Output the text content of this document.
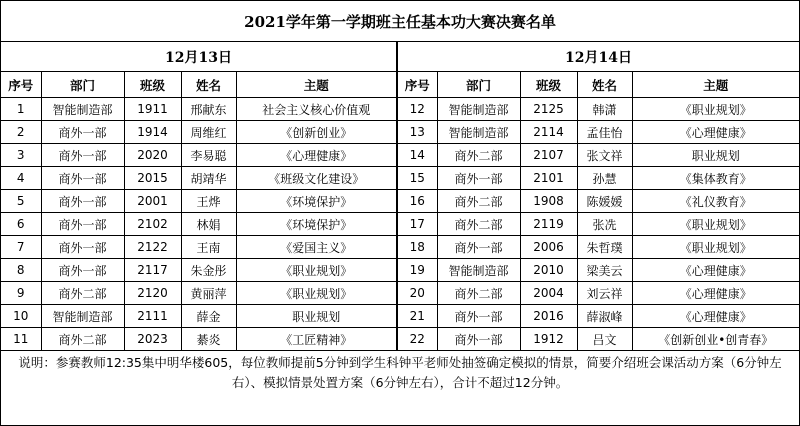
2021学年第一学期班主任基本功大赛决赛名单									
12月13日					12月14日				
序号	部门	班级	姓名	主题	序号	部门	班级	姓名	主题
1	智能制造部	1911	邢献东	社会主义核心价值观	12	智能制造部	2125	韩潇	《职业规划》
2	商外一部	1914	周维红	《创新创业》	13	智能制造部	2114	孟佳怡	《心理健康》
3	商外一部	2020	李易聪	《心理健康》	14	商外二部	2107	张文祥	职业规划
4	商外一部	2015	胡靖华	《班级文化建设》	15	商外一部	2101	孙慧	《集体教育》
5	商外一部	2001	王烨	《环境保护》	16	商外二部	1908	陈媛媛	《礼仪教育》
6	商外一部	2102	林娟	《环境保护》	17	商外二部	2119	张冼	《职业规划》
7	商外一部	2122	王南	《爱国主义》	18	商外一部	2006	朱哲璞	《职业规划》
8	商外一部	2117	朱金彤	《职业规划》	19	智能制造部	2010	梁美云	《心理健康》
9	商外二部	2120	黄丽萍	《职业规划》	20	商外二部	2004	刘云祥	《心理健康》
10	智能制造部	2111	薛金	职业规划	21	商外一部	2016	薛淑峰	《心理健康》
11	商外二部	2023	綦炎	《工匠精神》	22	商外一部	1912	吕文	《创新创业•创青春》
说明：参赛教师12:35集中明华楼605，每位教师提前5分钟到学生科钟平老师处抽签确定模拟的情景，简要介绍班会课活动方案（6分钟左右）、模拟情景处置方案（6分钟左右），合计不超过12分钟。									
